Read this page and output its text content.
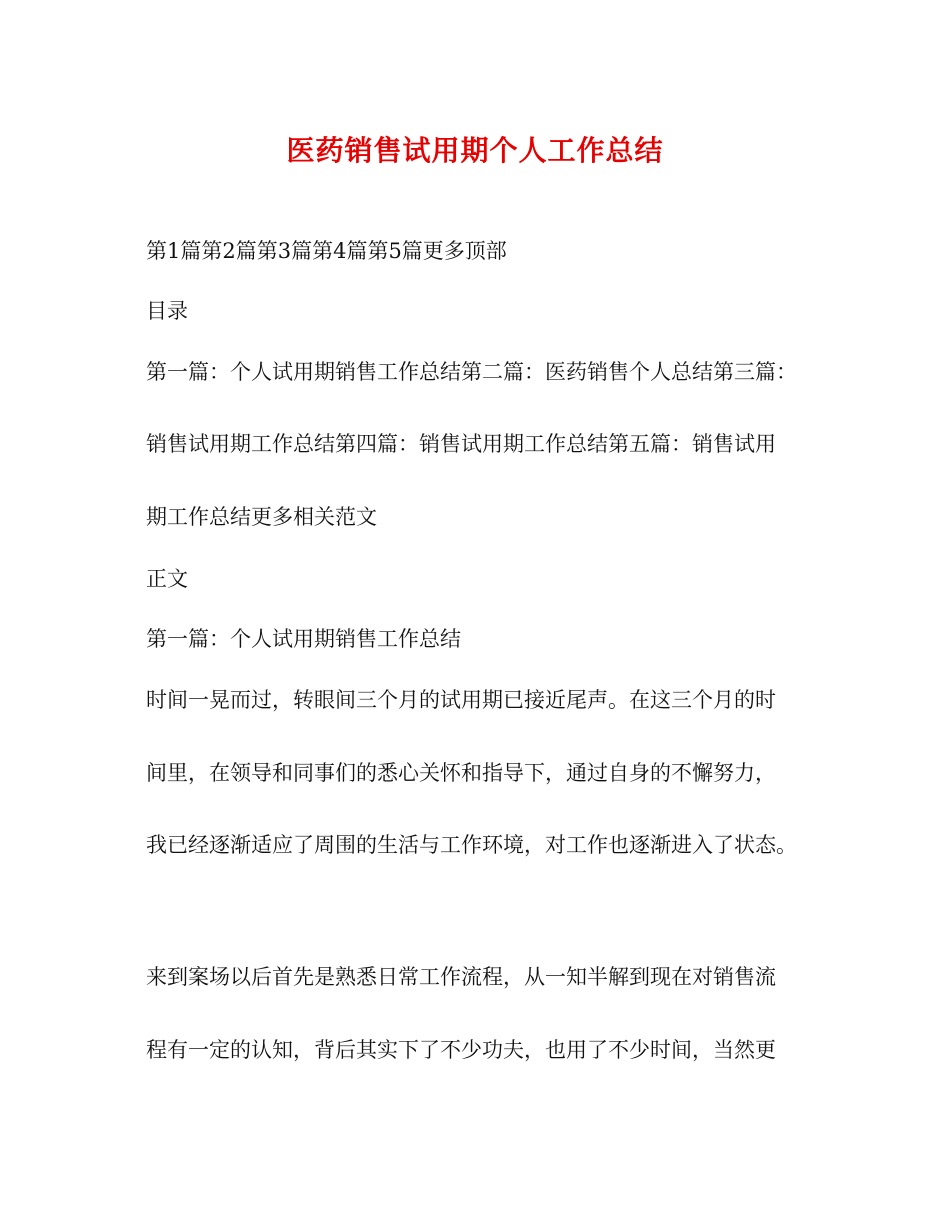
医药销售试用期个人工作总结
第1篇第2篇第3篇第4篇第5篇更多顶部
目录
第一篇：个人试用期销售工作总结第二篇：医药销售个人总结第三篇：
销售试用期工作总结第四篇：销售试用期工作总结第五篇：销售试用
期工作总结更多相关范文
正文
第一篇：个人试用期销售工作总结
时间一晃而过，转眼间三个月的试用期已接近尾声。在这三个月的时
间里，在领导和同事们的悉心关怀和指导下，通过自身的不懈努力，
我已经逐渐适应了周围的生活与工作环境，对工作也逐渐进入了状态。
来到案场以后首先是熟悉日常工作流程，从一知半解到现在对销售流
程有一定的认知，背后其实下了不少功夫，也用了不少时间，当然更
